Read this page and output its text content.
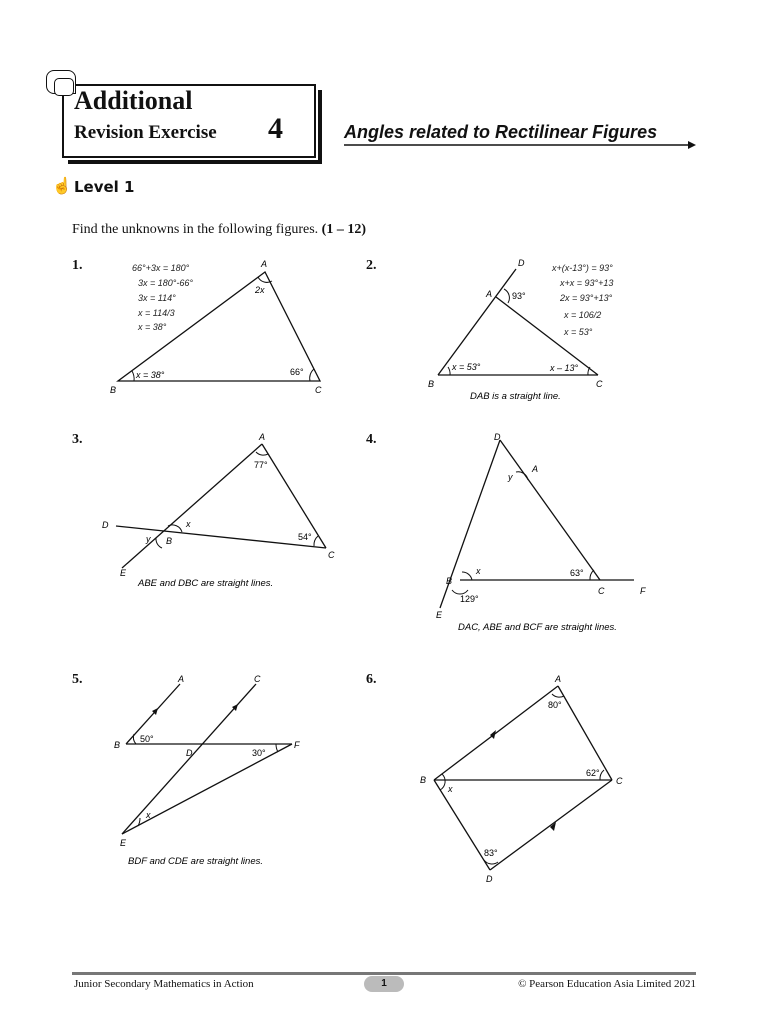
Additional
Revision Exercise 4	Angles related to Rectilinear Figures
☝ Level 1
Find the unknowns in the following figures. (1 – 12)
1.	A
B	C
2x
66°
x = 38°
66°+3x = 180°
3x = 180°-66°
3x = 114°
x = 114/3
x = 38°
2.	D
A
B	C
93°
x = 53°	x – 13°
DAB is a straight line.
x+(x-13°) = 93°
x+x = 93°+13
2x = 93°+13°
x = 106/2
x = 53°
3.	A
B
C
D
E
77°
54°
x
y
ABE and DBC are straight lines.
4.	D
A
B
C
E
F
63°
129°
x
y
DAC, ABE and BCF are straight lines.
5.	A
B
C
D
E
F
50°
30°
x
BDF and CDE are straight lines.
6.	A
B	C
D
80°
62°
83°
x
Junior Secondary Mathematics in Action	1	© Pearson Education Asia Limited 2021
